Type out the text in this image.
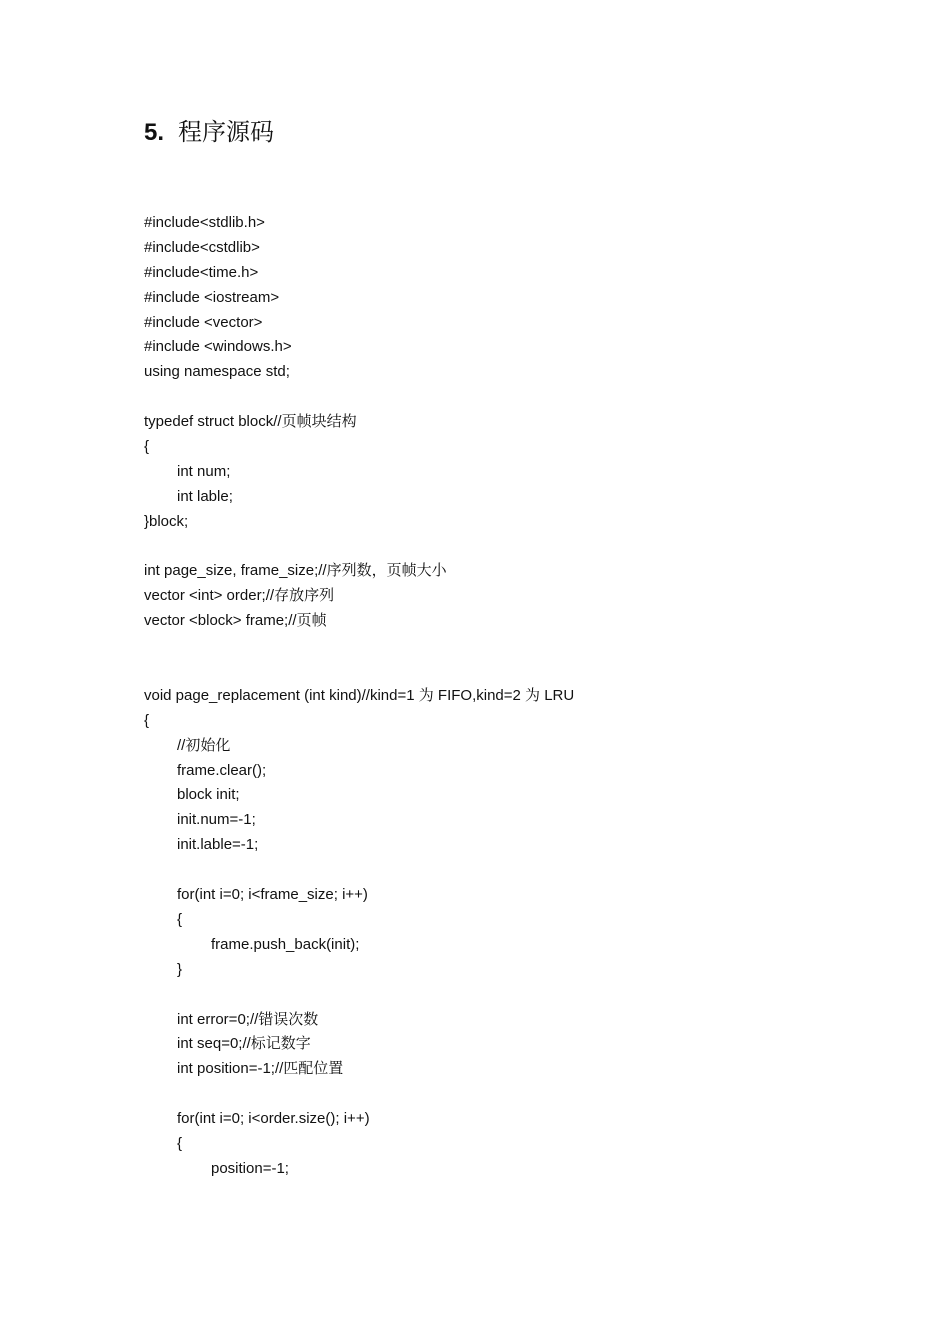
5. 程序源码
#include<stdlib.h>
#include<cstdlib>
#include<time.h>
#include <iostream>
#include <vector>
#include <windows.h>
using namespace std;
typedef struct block//页帧块结构
{
int num;
int lable;
}block;
int page_size, frame_size;//序列数，页帧大小
vector <int> order;//存放序列
vector <block> frame;//页帧
void page_replacement (int kind)//kind=1 为 FIFO,kind=2 为 LRU
{
//初始化
frame.clear();
block init;
init.num=-1;
init.lable=-1;
for(int i=0; i<frame_size; i++)
{
frame.push_back(init);
}
int error=0;//错误次数
int seq=0;//标记数字
int position=-1;//匹配位置
for(int i=0; i<order.size(); i++)
{
position=-1;
